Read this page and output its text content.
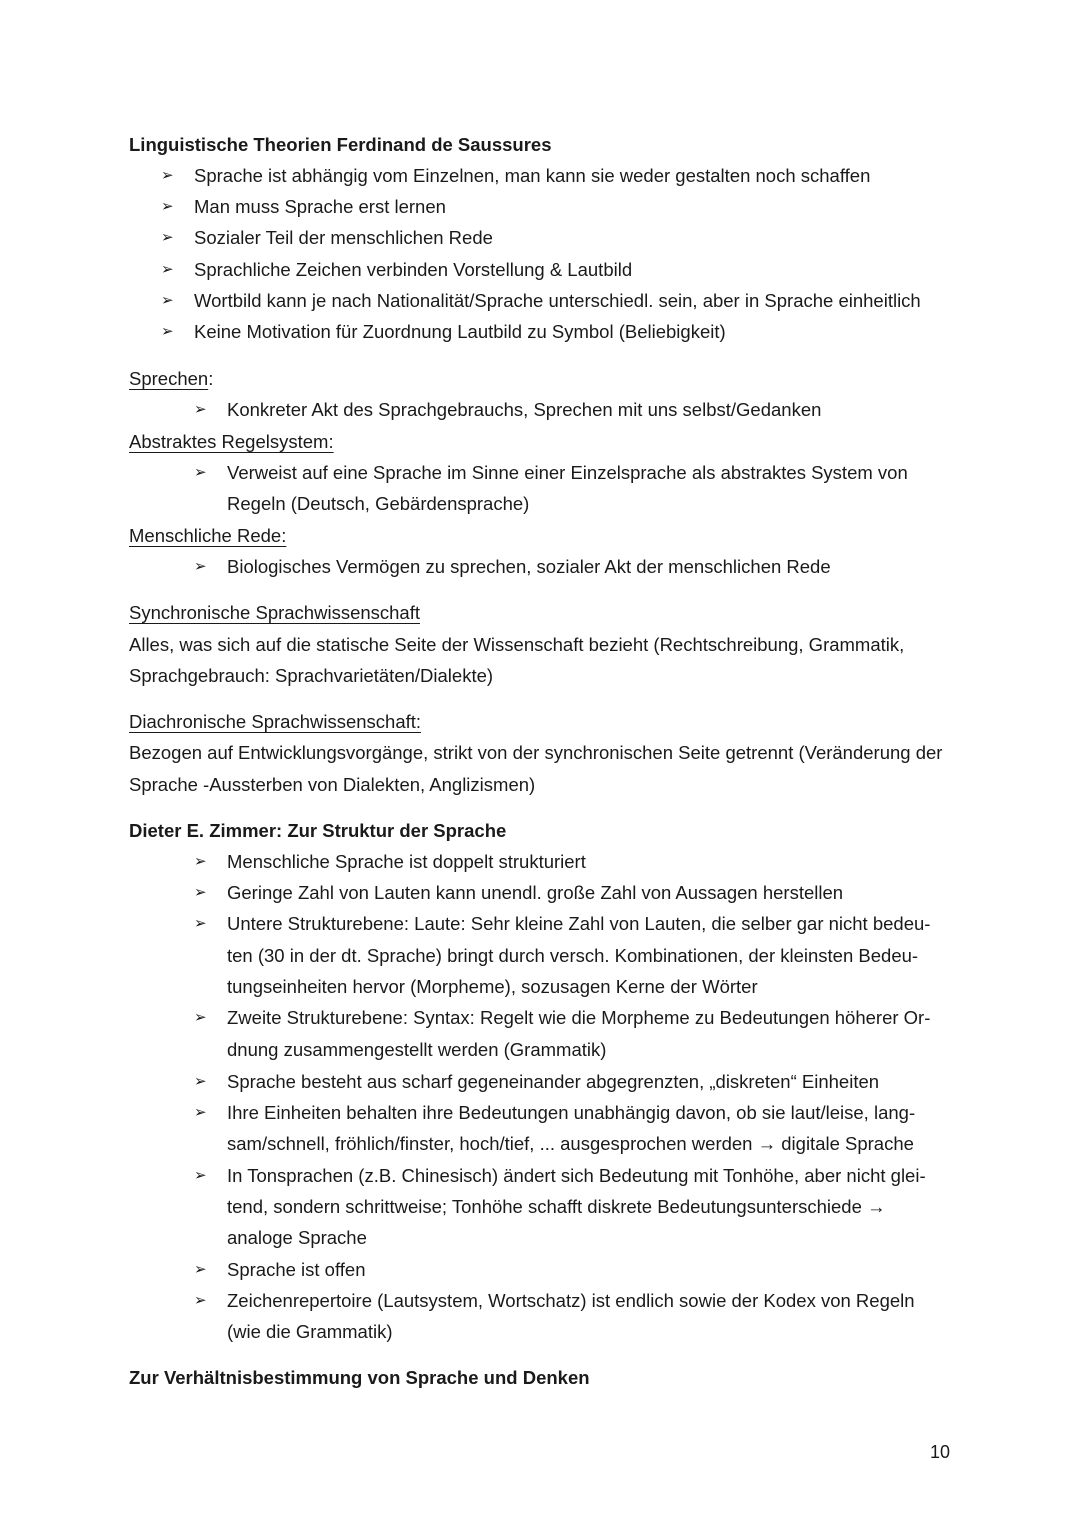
Linguistische Theorien Ferdinand de Saussures
➢ Sprache ist abhängig vom Einzelnen, man kann sie weder gestalten noch schaffen
➢ Man muss Sprache erst lernen
➢ Sozialer Teil der menschlichen Rede
➢ Sprachliche Zeichen verbinden Vorstellung & Lautbild
➢ Wortbild kann je nach Nationalität/Sprache unterschiedl. sein, aber in Sprache einheitlich
➢ Keine Motivation für Zuordnung Lautbild zu Symbol (Beliebigkeit)
Sprechen:
➢ Konkreter Akt des Sprachgebrauchs, Sprechen mit uns selbst/Gedanken
Abstraktes Regelsystem:
➢ Verweist auf eine Sprache im Sinne einer Einzelsprache als abstraktes System von
Regeln (Deutsch, Gebärdensprache)
Menschliche Rede:
➢ Biologisches Vermögen zu sprechen, sozialer Akt der menschlichen Rede
Synchronische Sprachwissenschaft
Alles, was sich auf die statische Seite der Wissenschaft bezieht (Rechtschreibung, Grammatik,
Sprachgebrauch: Sprachvarietäten/Dialekte)
Diachronische Sprachwissenschaft:
Bezogen auf Entwicklungsvorgänge, strikt von der synchronischen Seite getrennt (Veränderung der
Sprache -Aussterben von Dialekten, Anglizismen)
Dieter E. Zimmer: Zur Struktur der Sprache
➢ Menschliche Sprache ist doppelt strukturiert
➢ Geringe Zahl von Lauten kann unendl. große Zahl von Aussagen herstellen
➢ Untere Strukturebene: Laute: Sehr kleine Zahl von Lauten, die selber gar nicht bedeu-
ten (30 in der dt. Sprache) bringt durch versch. Kombinationen, der kleinsten Bedeu-
tungseinheiten hervor (Morpheme), sozusagen Kerne der Wörter
➢ Zweite Strukturebene: Syntax: Regelt wie die Morpheme zu Bedeutungen höherer Or-
dnung zusammengestellt werden (Grammatik)
➢ Sprache besteht aus scharf gegeneinander abgegrenzten, „diskreten“ Einheiten
➢ Ihre Einheiten behalten ihre Bedeutungen unabhängig davon, ob sie laut/leise, lang-
sam/schnell, fröhlich/finster, hoch/tief, ... ausgesprochen werden → digitale Sprache
➢ In Tonsprachen (z.B. Chinesisch) ändert sich Bedeutung mit Tonhöhe, aber nicht glei-
tend, sondern schrittweise; Tonhöhe schafft diskrete Bedeutungsunterschiede →
analoge Sprache
➢ Sprache ist offen
➢ Zeichenrepertoire (Lautsystem, Wortschatz) ist endlich sowie der Kodex von Regeln
(wie die Grammatik)
Zur Verhältnisbestimmung von Sprache und Denken
10
